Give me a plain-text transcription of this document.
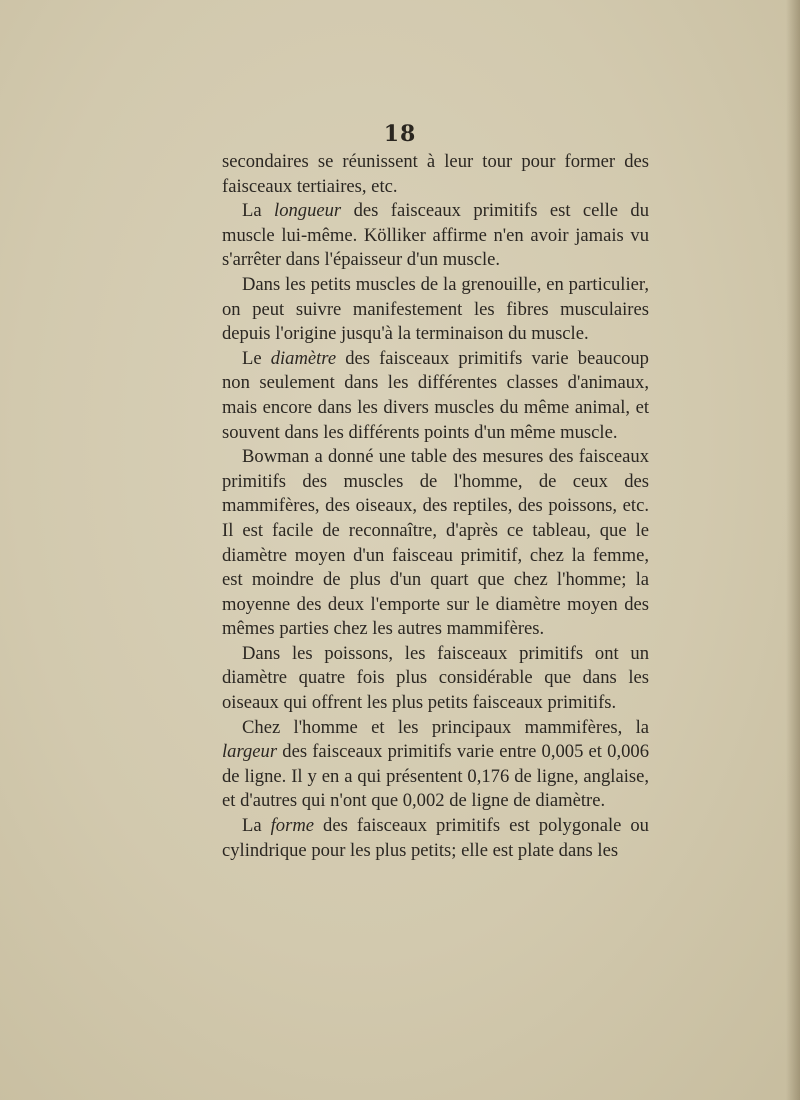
18

secondaires se réunissent à leur tour pour former des faisceaux tertiaires, etc.

La longueur des faisceaux primitifs est celle du muscle lui-même. Kölliker affirme n'en avoir jamais vu s'arrêter dans l'épaisseur d'un muscle.

Dans les petits muscles de la grenouille, en particulier, on peut suivre manifestement les fibres musculaires depuis l'origine jusqu'à la terminaison du muscle.

Le diamètre des faisceaux primitifs varie beaucoup non seulement dans les différentes classes d'animaux, mais encore dans les divers muscles du même animal, et souvent dans les différents points d'un même muscle.

Bowman a donné une table des mesures des faisceaux primitifs des muscles de l'homme, de ceux des mammifères, des oiseaux, des reptiles, des poissons, etc. Il est facile de reconnaître, d'après ce tableau, que le diamètre moyen d'un faisceau primitif, chez la femme, est moindre de plus d'un quart que chez l'homme; la moyenne des deux l'emporte sur le diamètre moyen des mêmes parties chez les autres mammifères.

Dans les poissons, les faisceaux primitifs ont un diamètre quatre fois plus considérable que dans les oiseaux qui offrent les plus petits faisceaux primitifs.

Chez l'homme et les principaux mammifères, la largeur des faisceaux primitifs varie entre 0,005 et 0,006 de ligne. Il y en a qui présentent 0,176 de ligne, anglaise, et d'autres qui n'ont que 0,002 de ligne de diamètre.

La forme des faisceaux primitifs est polygonale ou cylindrique pour les plus petits; elle est plate dans les
